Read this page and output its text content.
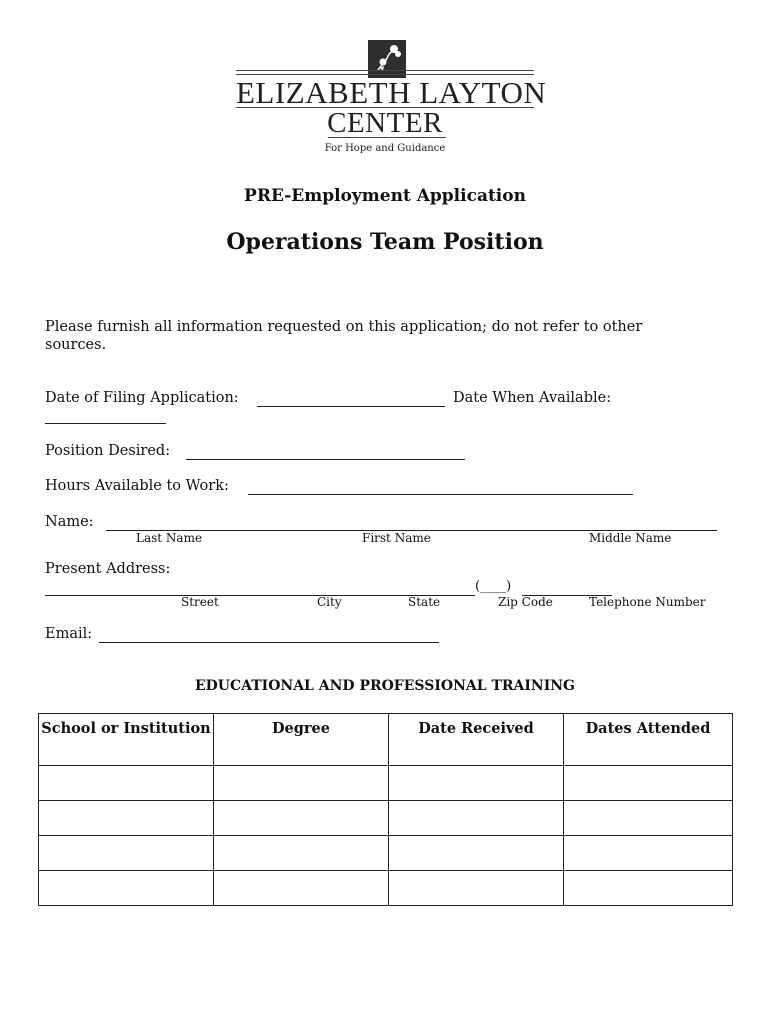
ELIZABETH LAYTON
CENTER
For Hope and Guidance
PRE-Employment Application
Operations Team Position
Please furnish all information requested on this application; do not refer to other sources.
Date of Filing Application:	Date When Available:
Position Desired:
Hours Available to Work:
Name:
Last Name	First Name	Middle Name
Present Address:
(____)
Street	City	State	Zip Code	Telephone Number
Email:
EDUCATIONAL AND PROFESSIONAL TRAINING
School or Institution	Degree	Date Received	Dates Attended
